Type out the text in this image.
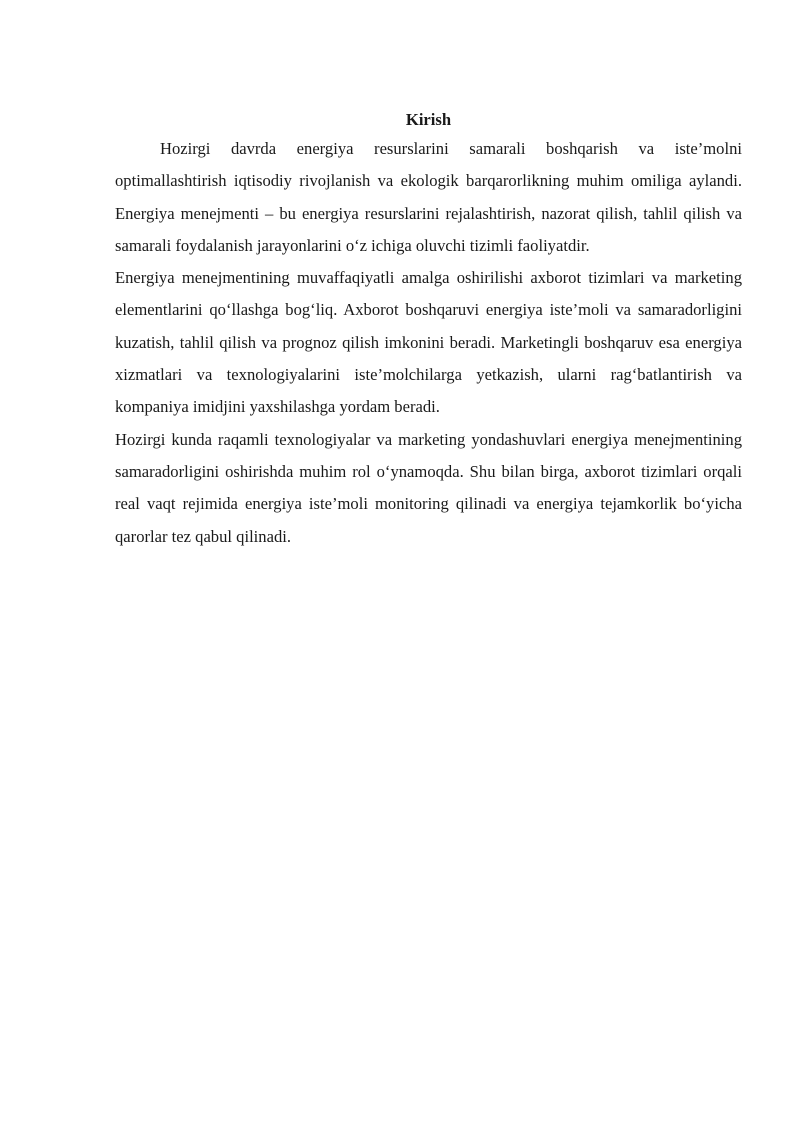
Kirish

Hozirgi davrda energiya resurslarini samarali boshqarish va iste’molni optimallashtirish iqtisodiy rivojlanish va ekologik barqarorlikning muhim omiliga aylandi. Energiya menejmenti – bu energiya resurslarini rejalashtirish, nazorat qilish, tahlil qilish va samarali foydalanish jarayonlarini o‘z ichiga oluvchi tizimli faoliyatdir.

Energiya menejmentining muvaffaqiyatli amalga oshirilishi axborot tizimlari va marketing elementlarini qo‘llashga bog‘liq. Axborot boshqaruvi energiya iste’moli va samaradorligini kuzatish, tahlil qilish va prognoz qilish imkonini beradi. Marketingli boshqaruv esa energiya xizmatlari va texnologiyalarini iste’molchilarga yetkazish, ularni rag‘batlantirish va kompaniya imidjini yaxshilashga yordam beradi.

Hozirgi kunda raqamli texnologiyalar va marketing yondashuvlari energiya menejmentining samaradorligini oshirishda muhim rol o‘ynamoqda. Shu bilan birga, axborot tizimlari orqali real vaqt rejimida energiya iste’moli monitoring qilinadi va energiya tejamkorlik bo‘yicha qarorlar tez qabul qilinadi.
